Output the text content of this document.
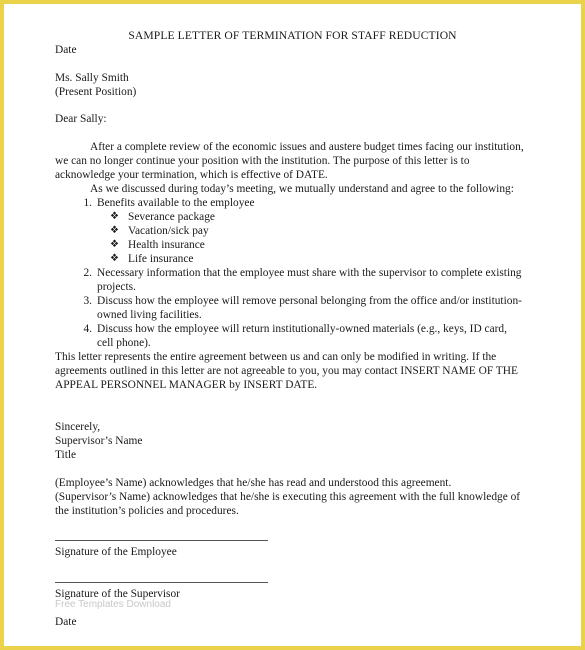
SAMPLE LETTER OF TERMINATION FOR STAFF REDUCTION
Date
Ms. Sally Smith
(Present Position)
Dear Sally:

After a complete review of the economic issues and austere budget times facing our institution, we can no longer continue your position with the institution. The purpose of this letter is to acknowledge your termination, which is effective of DATE.

As we discussed during today’s meeting, we mutually understand and agree to the following:

1. Benefits available to the employee
❖ Severance package
❖ Vacation/sick pay
❖ Health insurance
❖ Life insurance
2. Necessary information that the employee must share with the supervisor to complete existing projects.
3. Discuss how the employee will remove personal belonging from the office and/or institution-owned living facilities.
4. Discuss how the employee will return institutionally-owned materials (e.g., keys, ID card, cell phone).

This letter represents the entire agreement between us and can only be modified in writing. If the agreements outlined in this letter are not agreeable to you, you may contact INSERT NAME OF THE APPEAL PERSONNEL MANAGER by INSERT DATE.

Sincerely,
Supervisor’s Name
Title
(Employee’s Name) acknowledges that he/she has read and understood this agreement.
(Supervisor’s Name) acknowledges that he/she is executing this agreement with the full knowledge of the institution’s policies and procedures.
Signature of the Employee
Signature of the Supervisor
Free Templates Download
Date
